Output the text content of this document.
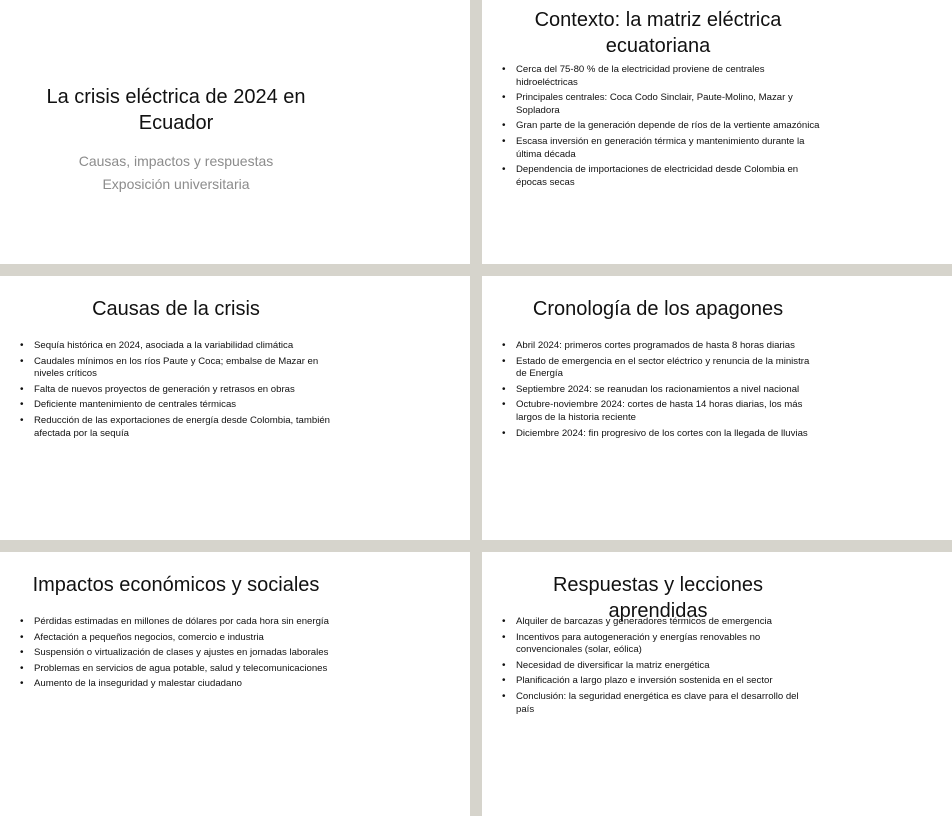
La crisis eléctrica de 2024 en Ecuador
Causas, impactos y respuestas
Exposición universitaria
Contexto: la matriz eléctrica ecuatoriana
• Cerca del 75-80 % de la electricidad proviene de centrales hidroeléctricas
• Principales centrales: Coca Codo Sinclair, Paute-Molino, Mazar y Sopladora
• Gran parte de la generación depende de ríos de la vertiente amazónica
• Escasa inversión en generación térmica y mantenimiento durante la última década
• Dependencia de importaciones de electricidad desde Colombia en épocas secas
Causas de la crisis
• Sequía histórica en 2024, asociada a la variabilidad climática
• Caudales mínimos en los ríos Paute y Coca; embalse de Mazar en niveles críticos
• Falta de nuevos proyectos de generación y retrasos en obras
• Deficiente mantenimiento de centrales térmicas
• Reducción de las exportaciones de energía desde Colombia, también afectada por la sequía
Cronología de los apagones
• Abril 2024: primeros cortes programados de hasta 8 horas diarias
• Estado de emergencia en el sector eléctrico y renuncia de la ministra de Energía
• Septiembre 2024: se reanudan los racionamientos a nivel nacional
• Octubre-noviembre 2024: cortes de hasta 14 horas diarias, los más largos de la historia reciente
• Diciembre 2024: fin progresivo de los cortes con la llegada de lluvias
Impactos económicos y sociales
• Pérdidas estimadas en millones de dólares por cada hora sin energía
• Afectación a pequeños negocios, comercio e industria
• Suspensión o virtualización de clases y ajustes en jornadas laborales
• Problemas en servicios de agua potable, salud y telecomunicaciones
• Aumento de la inseguridad y malestar ciudadano
Respuestas y lecciones aprendidas
• Alquiler de barcazas y generadores térmicos de emergencia
• Incentivos para autogeneración y energías renovables no convencionales (solar, eólica)
• Necesidad de diversificar la matriz energética
• Planificación a largo plazo e inversión sostenida en el sector
• Conclusión: la seguridad energética es clave para el desarrollo del país
